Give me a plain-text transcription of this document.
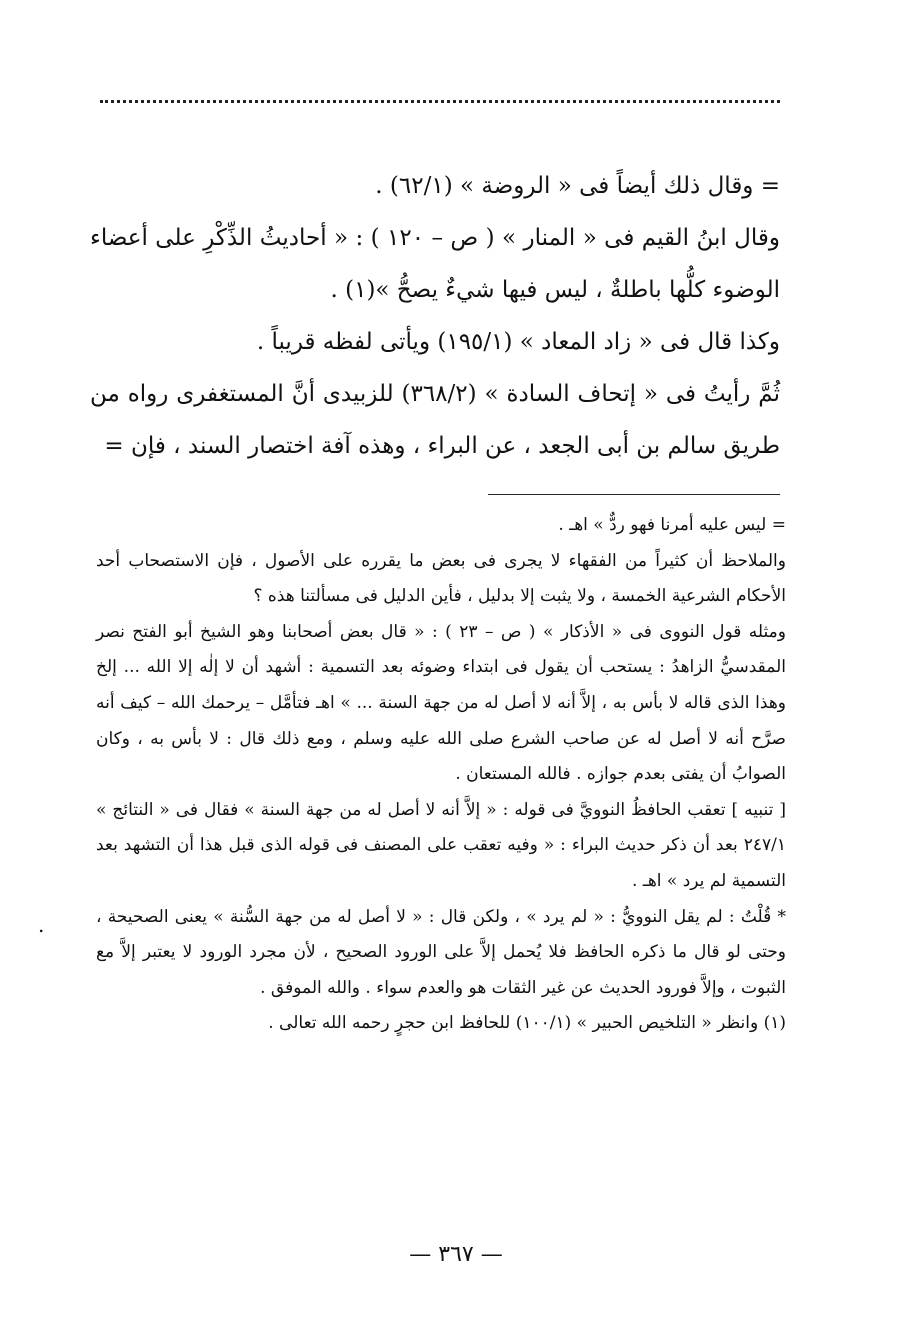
= وقال ذلك أيضاً فى « الروضة » (٦٢/١) .

وقال ابنُ القيم فى « المنار » ( ص – ١٢٠ ) : « أحاديثُ الذِّكْرِ على أعضاء الوضوء كلُّها باطلةٌ ، ليس فيها شيءٌ يصحُّ »(١) .

وكذا قال فى « زاد المعاد » (١٩٥/١) ويأتى لفظه قريباً .

ثُمَّ رأيتُ فى « إتحاف السادة » (٣٦٨/٢) للزبيدى أنَّ المستغفرى رواه من طريق سالم بن أبى الجعد ، عن البراء ، وهذه آفة اختصار السند ، فإن =

= ليس عليه أمرنا فهو ردٌّ » اهـ .

والملاحظ أن كثيراً من الفقهاء لا يجرى فى بعض ما يقرره على الأصول ، فإن الاستصحاب أحد الأحكام الشرعية الخمسة ، ولا يثبت إلا بدليل ، فأين الدليل فى مسألتنا هذه ؟

ومثله قول النووى فى « الأذكار » ( ص – ٢٣ ) : « قال بعض أصحابنا وهو الشيخ أبو الفتح نصر المقدسيُّ الزاهدُ : يستحب أن يقول فى ابتداء وضوئه بعد التسمية : أشهد أن لا إلٰه إلا الله ... إلخ وهذا الذى قاله لا بأس به ، إلاَّ أنه لا أصل له من جهة السنة ... » اهـ فتأمَّل – يرحمك الله – كيف أنه صرَّح أنه لا أصل له عن صاحب الشرع صلى الله عليه وسلم ، ومع ذلك قال : لا بأس به ، وكان الصوابُ أن يفتى بعدم جوازه . فالله المستعان .

[ تنبيه ] تعقب الحافظُ النوويَّ فى قوله : « إلاَّ أنه لا أصل له من جهة السنة » فقال فى « النتائج » ٢٤٧/١ بعد أن ذكر حديث البراء : « وفيه تعقب على المصنف فى قوله الذى قبل هذا أن التشهد بعد التسمية لم يرد » اهـ .

* قُلْتُ : لم يقل النوويُّ : « لم يرد » ، ولكن قال : « لا أصل له من جهة السُّنة » يعنى الصحيحة ، وحتى لو قال ما ذكره الحافظ فلا يُحمل إلاَّ على الورود الصحيح ، لأن مجرد الورود لا يعتبر إلاَّ مع الثبوت ، وإلاَّ فورود الحديث عن غير الثقات هو والعدم سواء . والله الموفق .

(١) وانظر « التلخيص الحبير » (١٠٠/١) للحافظ ابن حجرٍ رحمه الله تعالى .

.
— ٣٦٧ —
